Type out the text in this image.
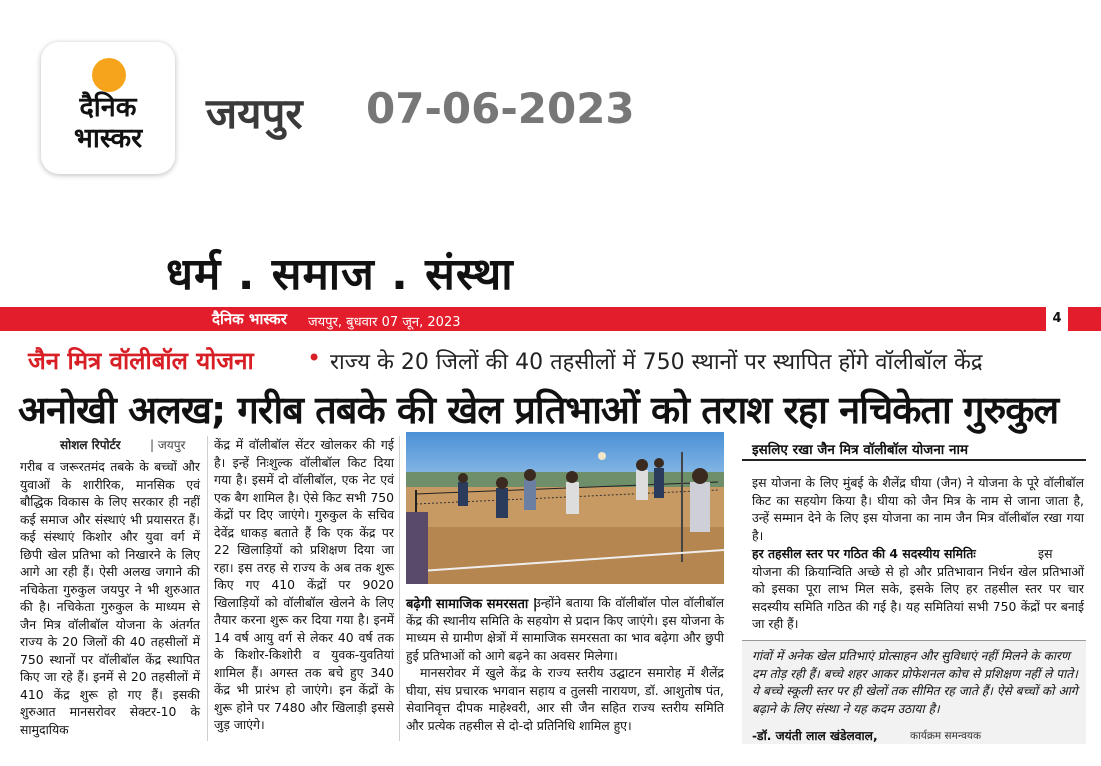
दैनिक
भास्कर
जयपुर 07-06-2023
धर्म . समाज . संस्था
दैनिक भास्कर जयपुर, बुधवार 07 जून, 2023	4
जैन मित्र वॉलीबॉल योजना • राज्य के 20 जिलों की 40 तहसीलों में 750 स्थानों पर स्थापित होंगे वॉलीबॉल केंद्र
अनोखी अलख; गरीब तबके की खेल प्रतिभाओं को तराश रहा नचिकेता गुरुकुल
सोशल रिपोर्टर | जयपुर
गरीब व जरूरतमंद तबके के बच्चों और युवाओं के शारीरिक, मानसिक एवं बौद्धिक विकास के लिए सरकार ही नहीं कई समाज और संस्थाएं भी प्रयासरत हैं। कई संस्थाएं किशोर और युवा वर्ग में छिपी खेल प्रतिभा को निखारने के लिए आगे आ रही हैं। ऐसी अलख जगाने की नचिकेता गुरुकुल जयपुर ने भी शुरुआत की है। नचिकेता गुरुकुल के माध्यम से जैन मित्र वॉलीबॉल योजना के अंतर्गत राज्य के 20 जिलों की 40 तहसीलों में 750 स्थानों पर वॉलीबॉल केंद्र स्थापित किए जा रहे हैं। इनमें से 20 तहसीलों में 410 केंद्र शुरू हो गए हैं। इसकी शुरुआत मानसरोवर सेक्टर-10 के सामुदायिक
केंद्र में वॉलीबॉल सेंटर खोलकर की गई है। इन्हें निःशुल्क वॉलीबॉल किट दिया गया है। इसमें दो वॉलीबॉल, एक नेट एवं एक बैग शामिल है। ऐसे किट सभी 750 केंद्रों पर दिए जाएंगे। गुरुकुल के सचिव देवेंद्र धाकड़ बताते हैं कि एक केंद्र पर 22 खिलाड़ियों को प्रशिक्षण दिया जा रहा। इस तरह से राज्य के अब तक शुरू किए गए 410 केंद्रों पर 9020 खिलाड़ियों को वॉलीबॉल खेलने के लिए तैयार करना शुरू कर दिया गया है। इनमें 14 वर्ष आयु वर्ग से लेकर 40 वर्ष तक के किशोर-किशोरी व युवक-युवतियां शामिल हैं। अगस्त तक बचे हुए 340 केंद्र भी प्रारंभ हो जाएंगे। इन केंद्रों के शुरू होने पर 7480 और खिलाड़ी इससे जुड़ जाएंगे।
बढ़ेगी सामाजिक समरसता |
उन्होंने बताया कि वॉलीबॉल पोल वॉलीबॉल केंद्र की स्थानीय समिति के सहयोग से प्रदान किए जाएंगे। इस योजना के माध्यम से ग्रामीण क्षेत्रों में सामाजिक समरसता का भाव बढ़ेगा और छुपी हुई प्रतिभाओं को आगे बढ़ने का अवसर मिलेगा।
मानसरोवर में खुले केंद्र के राज्य स्तरीय उद्घाटन समारोह में शैलेंद्र घीया, संघ प्रचारक भगवान सहाय व तुलसी नारायण, डॉ. आशुतोष पंत, सेवानिवृत्त दीपक माहेश्वरी, आर सी जैन सहित राज्य स्तरीय समिति और प्रत्येक तहसील से दो-दो प्रतिनिधि शामिल हुए।
इसलिए रखा जैन मित्र वॉलीबॉल योजना नाम
इस योजना के लिए मुंबई के शैलेंद्र घीया (जैन) ने योजना के पूरे वॉलीबॉल किट का सहयोग किया है। घीया को जैन मित्र के नाम से जाना जाता है, उन्हें सम्मान देने के लिए इस योजना का नाम जैन मित्र वॉलीबॉल रखा गया है।
हर तहसील स्तर पर गठित की 4 सदस्यीय समितिः	इस योजना की क्रियान्विति अच्छे से हो और प्रतिभावान निर्धन खेल प्रतिभाओं को इसका पूरा लाभ मिल सके, इसके लिए हर तहसील स्तर पर चार सदस्यीय समिति गठित की गई है। यह समितियां सभी 750 केंद्रों पर बनाई जा रही हैं।
गांवों में अनेक खेल प्रतिभाएं प्रोत्साहन और सुविधाएं नहीं मिलने के कारण दम तोड़ रही हैं। बच्चे शहर आकर प्रोफेशनल कोच से प्रशिक्षण नहीं ले पाते। ये बच्चे स्कूली स्तर पर ही खेलों तक सीमित रह जाते हैं। ऐसे बच्चों को आगे बढ़ाने के लिए संस्था ने यह कदम उठाया है।
-डॉ. जयंती लाल खंडेलवाल,	कार्यक्रम समन्वयक
